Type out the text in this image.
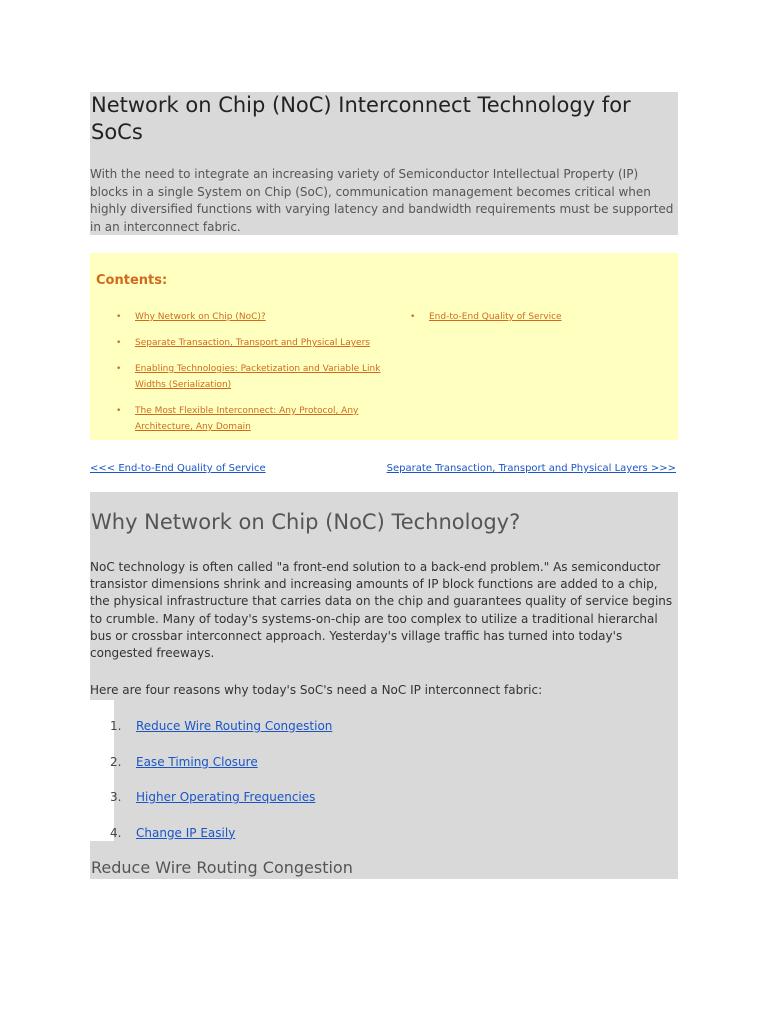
Network on Chip (NoC) Interconnect Technology for SoCs

With the need to integrate an increasing variety of Semiconductor Intellectual Property (IP) blocks in a single System on Chip (SoC), communication management becomes critical when highly diversified functions with varying latency and bandwidth requirements must be supported in an interconnect fabric.

Contents:

• Why Network on Chip (NoC)?
• Separate Transaction, Transport and Physical Layers
• Enabling Technologies: Packetization and Variable Link Widths (Serialization)
• The Most Flexible Interconnect: Any Protocol, Any Architecture, Any Domain
• End-to-End Quality of Service
<<< End-to-End Quality of Service	Separate Transaction, Transport and Physical Layers >>>
Why Network on Chip (NoC) Technology?

NoC technology is often called "a front-end solution to a back-end problem." As semiconductor transistor dimensions shrink and increasing amounts of IP block functions are added to a chip, the physical infrastructure that carries data on the chip and guarantees quality of service begins to crumble. Many of today's systems-on-chip are too complex to utilize a traditional hierarchal bus or crossbar interconnect approach. Yesterday's village traffic has turned into today's congested freeways.

Here are four reasons why today's SoC's need a NoC IP interconnect fabric:

1. Reduce Wire Routing Congestion
2. Ease Timing Closure
3. Higher Operating Frequencies
4. Change IP Easily
Reduce Wire Routing Congestion
